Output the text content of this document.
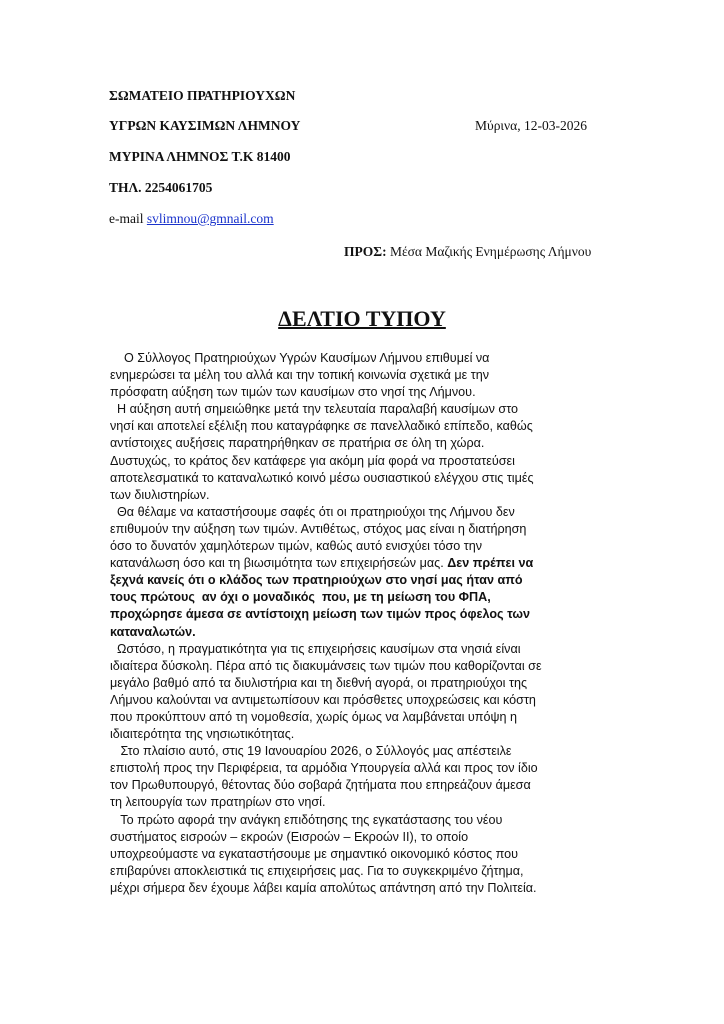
ΣΩΜΑΤΕΙΟ ΠΡΑΤΗΡΙΟΥΧΩΝ
ΥΓΡΩΝ ΚΑΥΣΙΜΩΝ ΛΗΜΝΟΥ
ΜΥΡΙΝΑ ΛΗΜΝΟΣ Τ.Κ 81400
ΤΗΛ. 2254061705
e-mail svlimnou@gmnail.com
Μύρινα, 12-03-2026
ΠΡΟΣ: Μέσα Μαζικής Ενημέρωσης Λήμνου
ΔΕΛΤΙΟ ΤΥΠΟΥ

Ο Σύλλογος Πρατηριούχων Υγρών Καυσίμων Λήμνου επιθυμεί να

ενημερώσει τα μέλη του αλλά και την τοπική κοινωνία σχετικά με την

πρόσφατη αύξηση των τιμών των καυσίμων στο νησί της Λήμνου.

Η αύξηση αυτή σημειώθηκε μετά την τελευταία παραλαβή καυσίμων στο

νησί και αποτελεί εξέλιξη που καταγράφηκε σε πανελλαδικό επίπεδο, καθώς

αντίστοιχες αυξήσεις παρατηρήθηκαν σε πρατήρια σε όλη τη χώρα.

Δυστυχώς, το κράτος δεν κατάφερε για ακόμη μία φορά να προστατεύσει

αποτελεσματικά το καταναλωτικό κοινό μέσω ουσιαστικού ελέγχου στις τιμές

των διυλιστηρίων.

Θα θέλαμε να καταστήσουμε σαφές ότι οι πρατηριούχοι της Λήμνου δεν

επιθυμούν την αύξηση των τιμών. Αντιθέτως, στόχος μας είναι η διατήρηση

όσο το δυνατόν χαμηλότερων τιμών, καθώς αυτό ενισχύει τόσο την

κατανάλωση όσο και τη βιωσιμότητα των επιχειρήσεών μας. Δεν πρέπει να

ξεχνά κανείς ότι ο κλάδος των πρατηριούχων στο νησί μας ήταν από

τους πρώτους  αν όχι ο μοναδικός  που, με τη μείωση του ΦΠΑ,

προχώρησε άμεσα σε αντίστοιχη μείωση των τιμών προς όφελος των

καταναλωτών.

Ωστόσο, η πραγματικότητα για τις επιχειρήσεις καυσίμων στα νησιά είναι

ιδιαίτερα δύσκολη. Πέρα από τις διακυμάνσεις των τιμών που καθορίζονται σε

μεγάλο βαθμό από τα διυλιστήρια και τη διεθνή αγορά, οι πρατηριούχοι της

Λήμνου καλούνται να αντιμετωπίσουν και πρόσθετες υποχρεώσεις και κόστη

που προκύπτουν από τη νομοθεσία, χωρίς όμως να λαμβάνεται υπόψη η

ιδιαιτερότητα της νησιωτικότητας.

Στο πλαίσιο αυτό, στις 19 Ιανουαρίου 2026, ο Σύλλογός μας απέστειλε

επιστολή προς την Περιφέρεια, τα αρμόδια Υπουργεία αλλά και προς τον ίδιο

τον Πρωθυπουργό, θέτοντας δύο σοβαρά ζητήματα που επηρεάζουν άμεσα

τη λειτουργία των πρατηρίων στο νησί.

Το πρώτο αφορά την ανάγκη επιδότησης της εγκατάστασης του νέου

συστήματος εισροών – εκροών (Εισροών – Εκροών ΙΙ), το οποίο

υποχρεούμαστε να εγκαταστήσουμε με σημαντικό οικονομικό κόστος που

επιβαρύνει αποκλειστικά τις επιχειρήσεις μας. Για το συγκεκριμένο ζήτημα,

μέχρι σήμερα δεν έχουμε λάβει καμία απολύτως απάντηση από την Πολιτεία.
